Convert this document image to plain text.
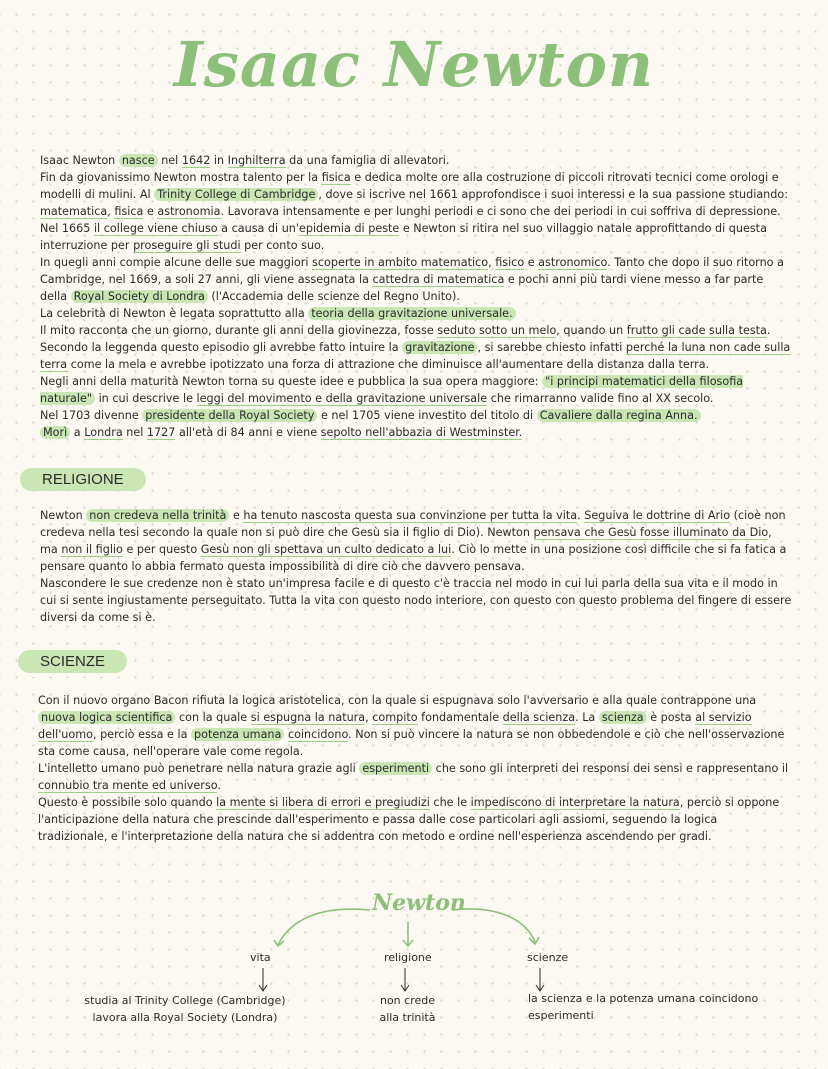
Isaac Newton

Isaac Newton nasce nel 1642 in Inghilterra da una famiglia di allevatori.

Fin da giovanissimo Newton mostra talento per la fisica e dedica molte ore alla costruzione di piccoli ritrovati tecnici come orologi e modelli di mulini. Al Trinity College di Cambridge , dove si iscrive nel 1661 approfondisce i suoi interessi e la sua passione studiando: matematica, fisica e astronomia. Lavorava intensamente e per lunghi periodi e ci sono che dei periodi in cui soffriva di depressione.

Nel 1665 il college viene chiuso a causa di un'epidemia di peste e Newton si ritira nel suo villaggio natale approfittando di questa interruzione per proseguire gli studi per conto suo.

In quegli anni compie alcune delle sue maggiori scoperte in ambito matematico, fisico e astronomico. Tanto che dopo il suo ritorno a Cambridge, nel 1669, a soli 27 anni, gli viene assegnata la cattedra di matematica e pochi anni più tardi viene messo a far parte della Royal Society di Londra (l'Accademia delle scienze del Regno Unito).

La celebrità di Newton è legata soprattutto alla teoria della gravitazione universale.

Il mito racconta che un giorno, durante gli anni della giovinezza, fosse seduto sotto un melo, quando un frutto gli cade sulla testa.

Secondo la leggenda questo episodio gli avrebbe fatto intuire la gravitazione , si sarebbe chiesto infatti perché la luna non cade sulla terra come la mela e avrebbe ipotizzato una forza di attrazione che diminuisce all'aumentare della distanza dalla terra.

Negli anni della maturità Newton torna su queste idee e pubblica la sua opera maggiore: "i principi matematici della filosofia naturale" in cui descrive le leggi del movimento e della gravitazione universale che rimarranno valide fino al XX secolo.

Nel 1703 divenne presidente della Royal Society e nel 1705 viene investito del titolo di Cavaliere dalla regina Anna.

Morì a Londra nel 1727 all'età di 84 anni e viene sepolto nell'abbazia di Westminster.

RELIGIONE

Newton non credeva nella trinità e ha tenuto nascosta questa sua convinzione per tutta la vita. Seguiva le dottrine di Ario (cioè non credeva nella tesi secondo la quale non si può dire che Gesù sia il figlio di Dio). Newton pensava che Gesù fosse illuminato da Dio, ma non il figlio e per questo Gesù non gli spettava un culto dedicato a lui. Ciò lo mette in una posizione così difficile che si fa fatica a pensare quanto lo abbia fermato questa impossibilità di dire ciò che davvero pensava.

Nascondere le sue credenze non è stato un'impresa facile e di questo c'è traccia nel modo in cui lui parla della sua vita e il modo in cui si sente ingiustamente perseguitato. Tutta la vita con questo nodo interiore, con questo con questo problema del fingere di essere diversi da come si è.

SCIENZE

Con il nuovo organo Bacon rifiuta la logica aristotelica, con la quale si espugnava solo l'avversario e alla quale contrappone una nuova logica scientifica con la quale si espugna la natura, compito fondamentale della scienza. La scienza è posta al servizio dell'uomo, perciò essa e la potenza umana coincidono. Non si può vincere la natura se non obbedendole e ciò che nell'osservazione sta come causa, nell'operare vale come regola.

L'intelletto umano può penetrare nella natura grazie agli esperimenti che sono gli interpreti dei responsi dei sensi e rappresentano il connubio tra mente ed universo.

Questo è possibile solo quando la mente si libera di errori e pregiudizi che le impediscono di interpretare la natura, perciò si oppone l'anticipazione della natura che prescinde dall'esperimento e passa dalle cose particolari agli assiomi, seguendo la logica tradizionale, e l'interpretazione della natura che si addentra con metodo e ordine nell'esperienza ascendendo per gradi.

Newton
vita	religione	scienze
studia al Trinity College (Cambridge)
lavora alla Royal Society (Londra)
non crede
alla trinità
la scienza e la potenza umana coincidono
esperimenti
